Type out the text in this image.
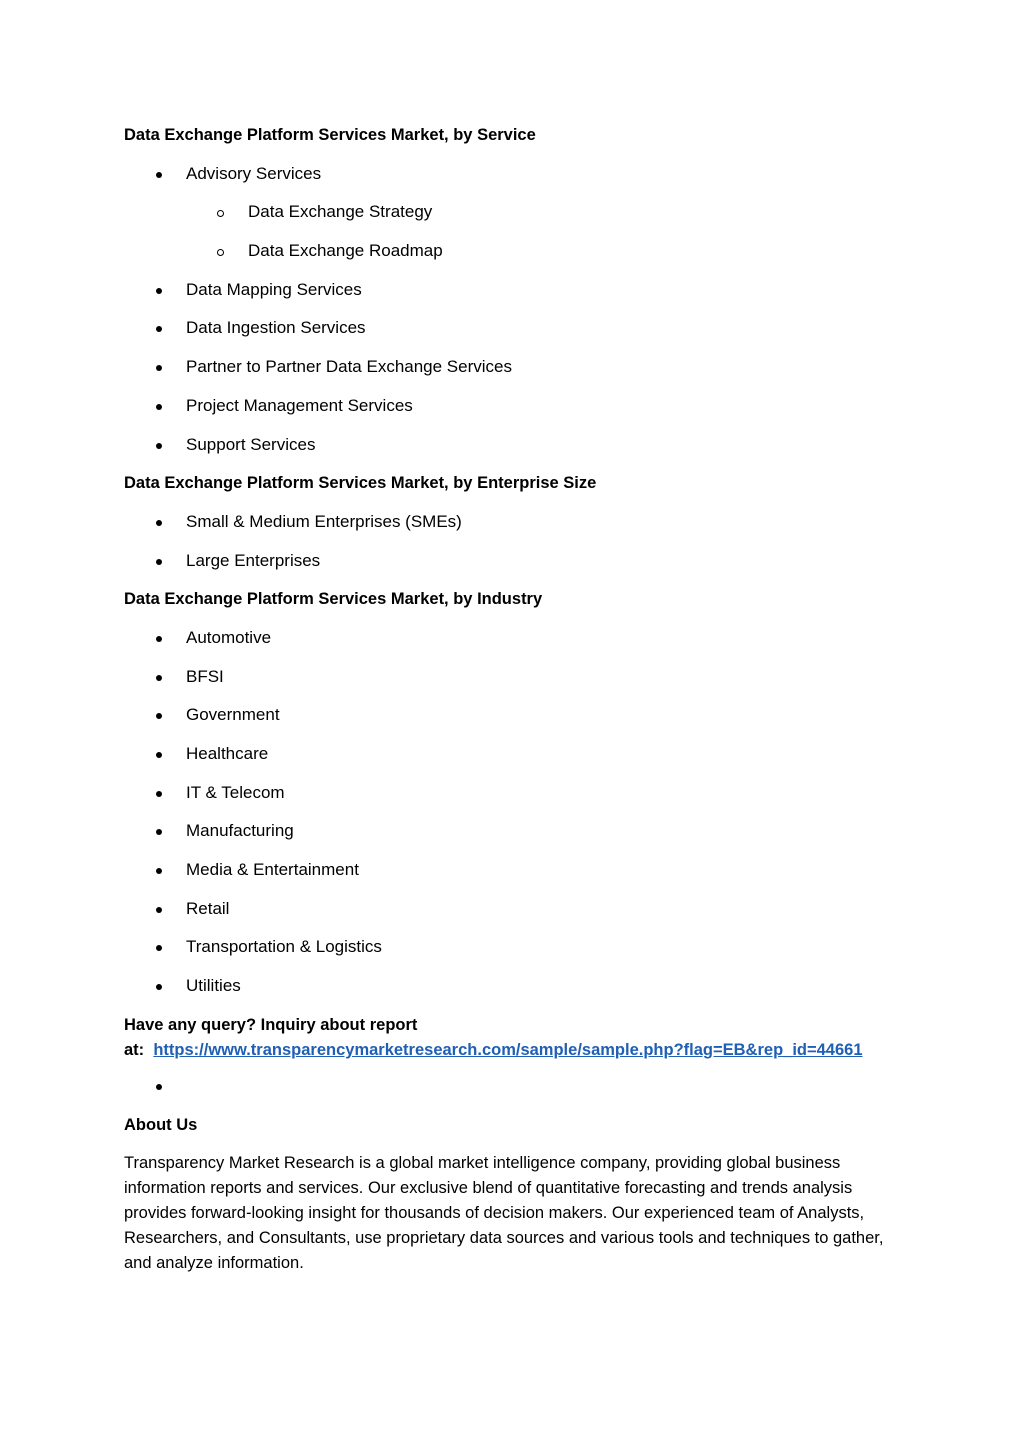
Data Exchange Platform Services Market, by Service
Advisory Services
Data Exchange Strategy
Data Exchange Roadmap
Data Mapping Services
Data Ingestion Services
Partner to Partner Data Exchange Services
Project Management Services
Support Services
Data Exchange Platform Services Market, by Enterprise Size
Small & Medium Enterprises (SMEs)
Large Enterprises
Data Exchange Platform Services Market, by Industry
Automotive
BFSI
Government
Healthcare
IT & Telecom
Manufacturing
Media & Entertainment
Retail
Transportation & Logistics
Utilities
Have any query? Inquiry about report
at: https://www.transparencymarketresearch.com/sample/sample.php?flag=EB&rep_id=44661
About Us

Transparency Market Research is a global market intelligence company, providing global business information reports and services. Our exclusive blend of quantitative forecasting and trends analysis provides forward-looking insight for thousands of decision makers. Our experienced team of Analysts, Researchers, and Consultants, use proprietary data sources and various tools and techniques to gather, and analyze information.
